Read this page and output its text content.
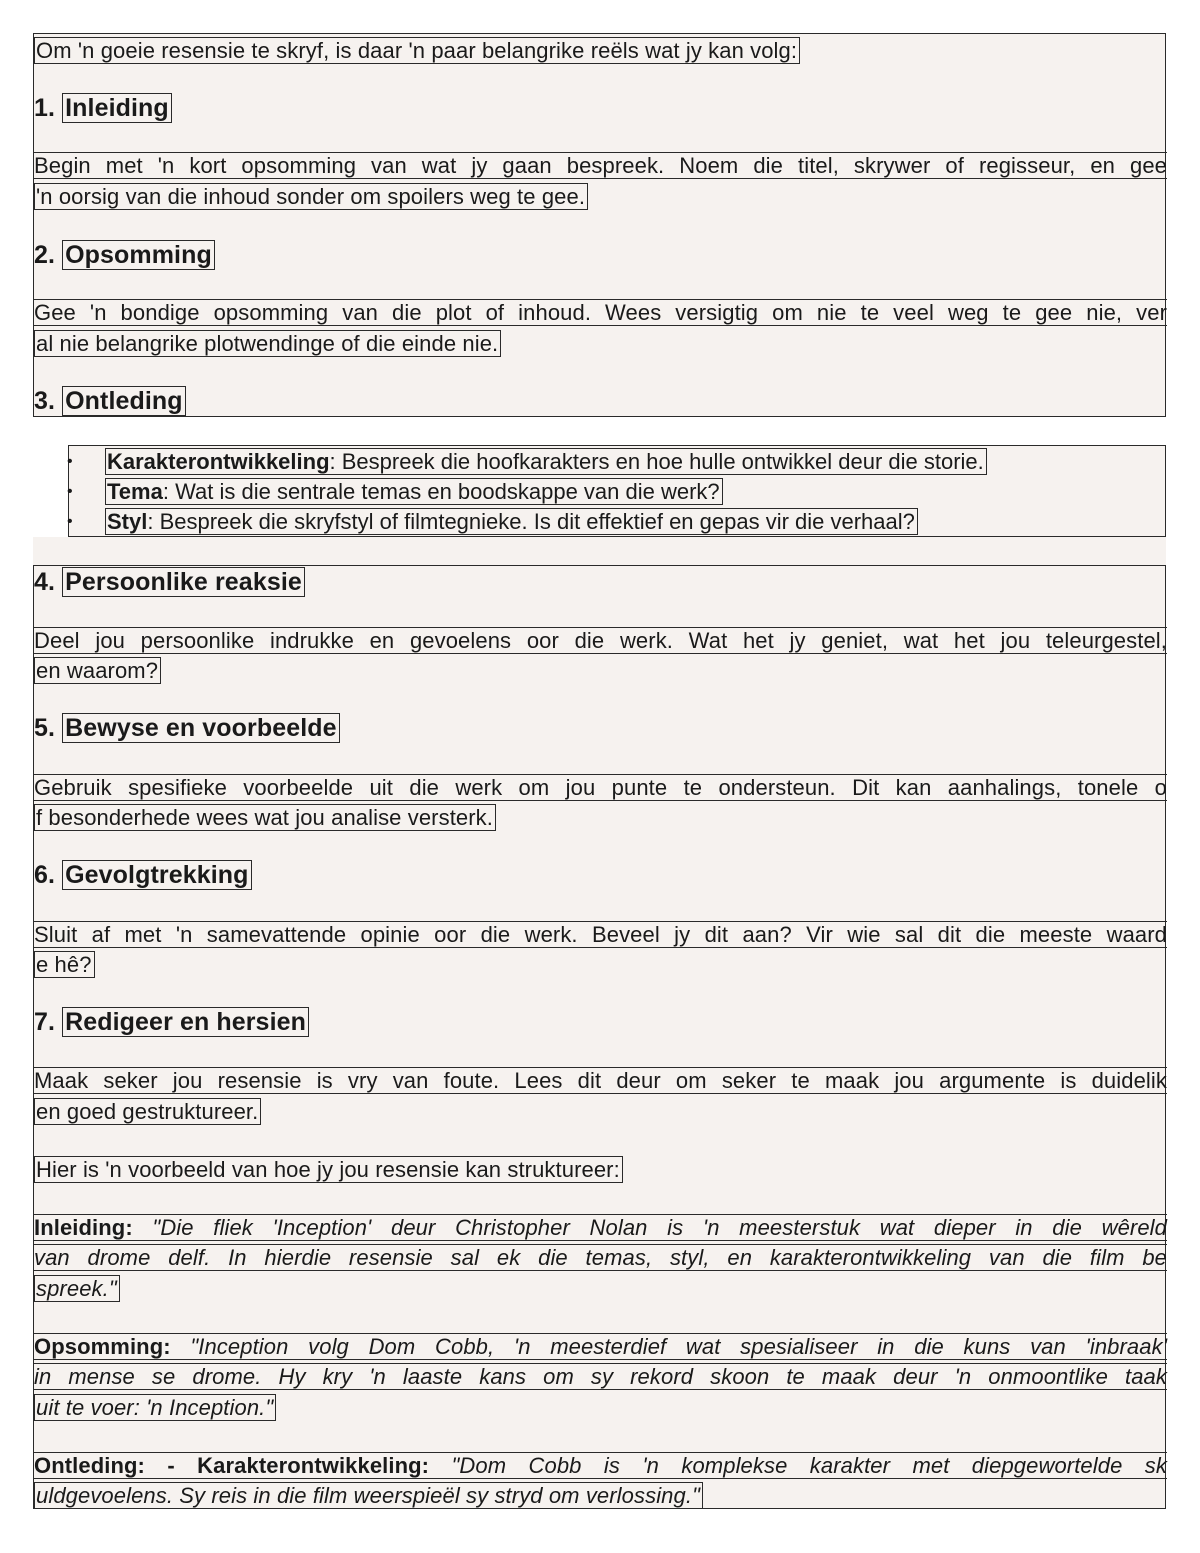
Om 'n goeie resensie te skryf, is daar 'n paar belangrike reëls wat jy kan volg:
1. Inleiding
Begin met 'n kort opsomming van wat jy gaan bespreek. Noem die titel, skrywer of regisseur, en gee
'n oorsig van die inhoud sonder om spoilers weg te gee.
2. Opsomming
Gee 'n bondige opsomming van die plot of inhoud. Wees versigtig om nie te veel weg te gee nie, ver
al nie belangrike plotwendinge of die einde nie.
3. Ontleding
• Karakterontwikkeling: Bespreek die hoofkarakters en hoe hulle ontwikkel deur die storie.
• Tema: Wat is die sentrale temas en boodskappe van die werk?
• Styl: Bespreek die skryfstyl of filmtegnieke. Is dit effektief en gepas vir die verhaal?
4. Persoonlike reaksie
Deel jou persoonlike indrukke en gevoelens oor die werk. Wat het jy geniet, wat het jou teleurgestel,
en waarom?
5. Bewyse en voorbeelde
Gebruik spesifieke voorbeelde uit die werk om jou punte te ondersteun. Dit kan aanhalings, tonele o
f besonderhede wees wat jou analise versterk.
6. Gevolgtrekking
Sluit af met 'n samevattende opinie oor die werk. Beveel jy dit aan? Vir wie sal dit die meeste waard
e hê?
7. Redigeer en hersien
Maak seker jou resensie is vry van foute. Lees dit deur om seker te maak jou argumente is duidelik
en goed gestruktureer.
Hier is 'n voorbeeld van hoe jy jou resensie kan struktureer:
Inleiding: "Die fliek 'Inception' deur Christopher Nolan is 'n meesterstuk wat dieper in die wêreld
van drome delf. In hierdie resensie sal ek die temas, styl, en karakterontwikkeling van die film be
spreek."
Opsomming: "Inception volg Dom Cobb, 'n meesterdief wat spesialiseer in die kuns van 'inbraak'
in mense se drome. Hy kry 'n laaste kans om sy rekord skoon te maak deur 'n onmoontlike taak
uit te voer: 'n Inception."
Ontleding: - Karakterontwikkeling: "Dom Cobb is 'n komplekse karakter met diepgewortelde sk
uldgevoelens. Sy reis in die film weerspieël sy stryd om verlossing."
